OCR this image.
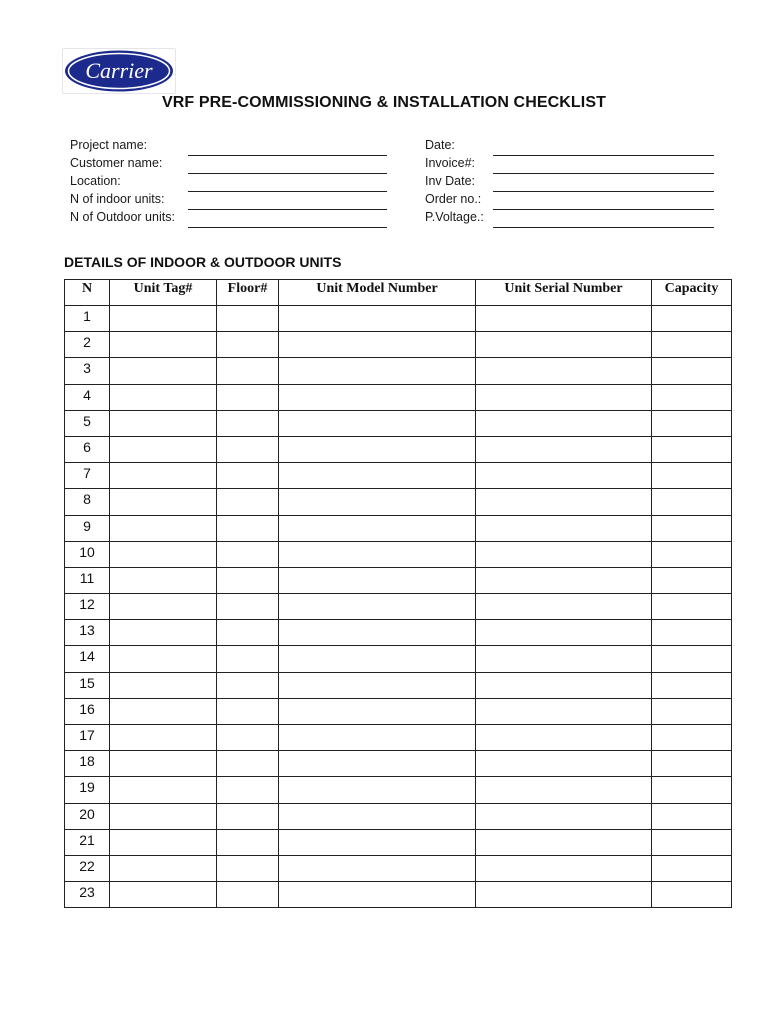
Carrier
VRF PRE-COMMISSIONING & INSTALLATION CHECKLIST
Project name:
Customer name:
Location:
N of indoor units:
N of Outdoor units:
Date:
Invoice#:
Inv Date:
Order no.:
P.Voltage.:
DETAILS OF INDOOR & OUTDOOR UNITS
N	Unit Tag#	Floor#	Unit Model Number	Unit Serial Number	Capacity
1					
2					
3					
4					
5					
6					
7					
8					
9					
10					
11					
12					
13					
14					
15					
16					
17					
18					
19					
20					
21					
22					
23					
